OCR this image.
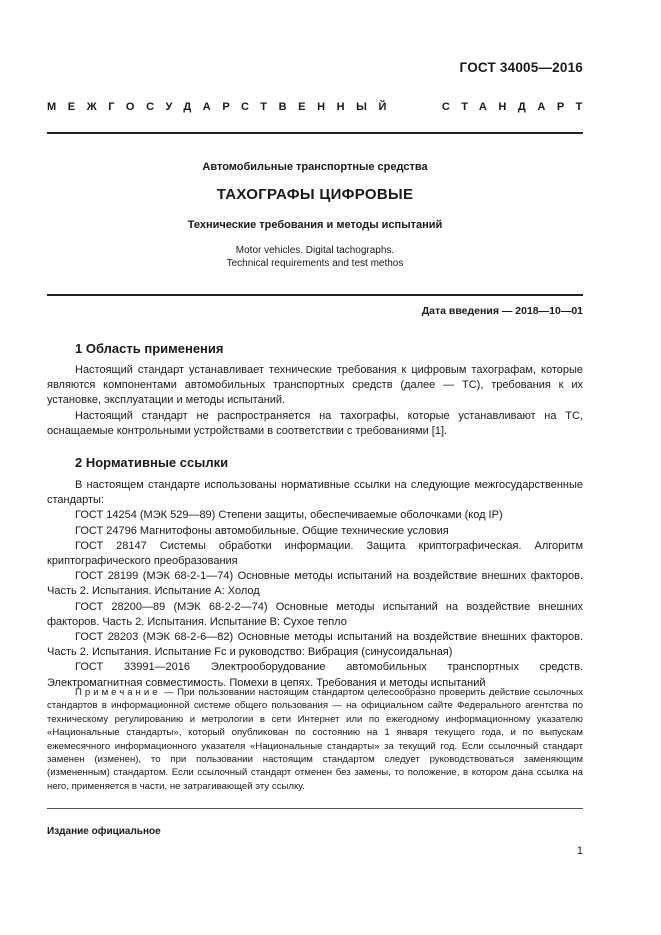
ГОСТ 34005—2016
МЕЖГОСУДАРСТВЕННЫЙ	СТАНДАРТ
Автомобильные транспортные средства
ТАХОГРАФЫ ЦИФРОВЫЕ
Технические требования и методы испытаний
Motor vehicles. Digital tachographs.
Technical requirements and test methos
Дата введения — 2018—10—01
1 Область применения

Настоящий стандарт устанавливает технические требования к цифровым тахографам, которые являются компонентами автомобильных транспортных средств (далее — ТС), требования к их установке, эксплуатации и методы испытаний.

Настоящий стандарт не распространяется на тахографы, которые устанавливают на ТС, оснащаемые контрольными устройствами в соответствии с требованиями [1].

2 Нормативные ссылки

В настоящем стандарте использованы нормативные ссылки на следующие межгосударственные стандарты:

ГОСТ 14254 (МЭК 529—89) Степени защиты, обеспечиваемые оболочками (код IP)

ГОСТ 24796 Магнитофоны автомобильные. Общие технические условия

ГОСТ 28147 Системы обработки информации. Защита криптографическая. Алгоритм криптографического преобразования

ГОСТ 28199 (МЭК 68-2-1—74) Основные методы испытаний на воздействие внешних факторов. Часть 2. Испытания. Испытание А: Холод

ГОСТ 28200—89 (МЭК 68-2-2—74) Основные методы испытаний на воздействие внешних факторов. Часть 2. Испытания. Испытание В: Сухое тепло

ГОСТ 28203 (МЭК 68-2-6—82) Основные методы испытаний на воздействие внешних факторов. Часть 2. Испытания. Испытание Fc и руководство: Вибрация (синусоидальная)

ГОСТ 33991—2016 Электрооборудование автомобильных транспортных средств. Электромагнитная совместимость. Помехи в цепях. Требования и методы испытаний

Примечание — При пользовании настоящим стандартом целесообразно проверить действие ссылочных стандартов в информационной системе общего пользования — на официальном сайте Федерального агентства по техническому регулированию и метрологии в сети Интернет или по ежегодному информационному указателю «Национальные стандарты», который опубликован по состоянию на 1 января текущего года, и по выпускам ежемесячного информационного указателя «Национальные стандарты» за текущий год. Если ссылочный стандарт заменен (изменен), то при пользовании настоящим стандартом следует руководствоваться заменяющим (измененным) стандартом. Если ссылочный стандарт отменен без замены, то положение, в котором дана ссылка на него, применяется в части, не затрагивающей эту ссылку.
Издание официальное
1
